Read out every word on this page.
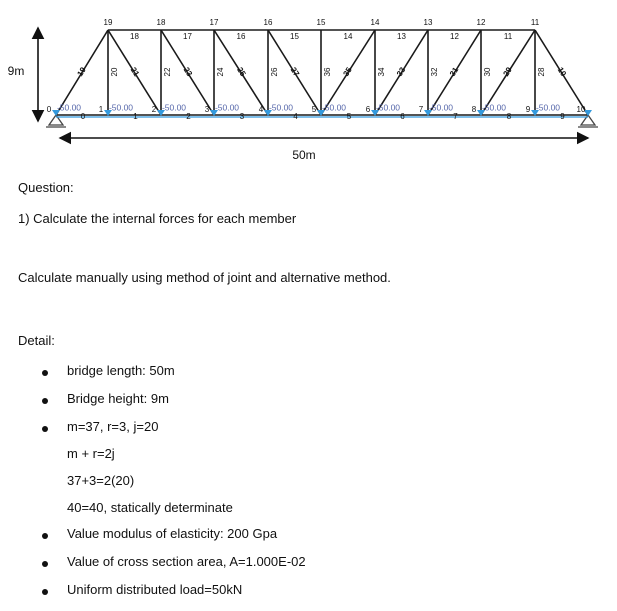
-50.00	-50.00	-50.00	-50.00	-50.00	-50.00	-50.00	-50.00	-50.00	-50.00
0	1	2	3	4	5	6	7	8	9	10
19	18	17	16	15	14	13	12	11
18	17	16	15	14	13	12	11
0	1	2	3	4	5	6	7	8	9
20	22	24	26	36	34	32	30	28
19	21	23	25	27	35	33	31	29	10
9m
50m
Question:
1) Calculate the internal forces for each member
Calculate manually using method of joint and alternative method.
Detail:
bridge length: 50m
Bridge height: 9m
m=37, r=3, j=20
m + r=2j
37+3=2(20)
40=40, statically determinate
Value modulus of elasticity: 200 Gpa
Value of cross section area, A=1.000E-02
Uniform distributed load=50kN
